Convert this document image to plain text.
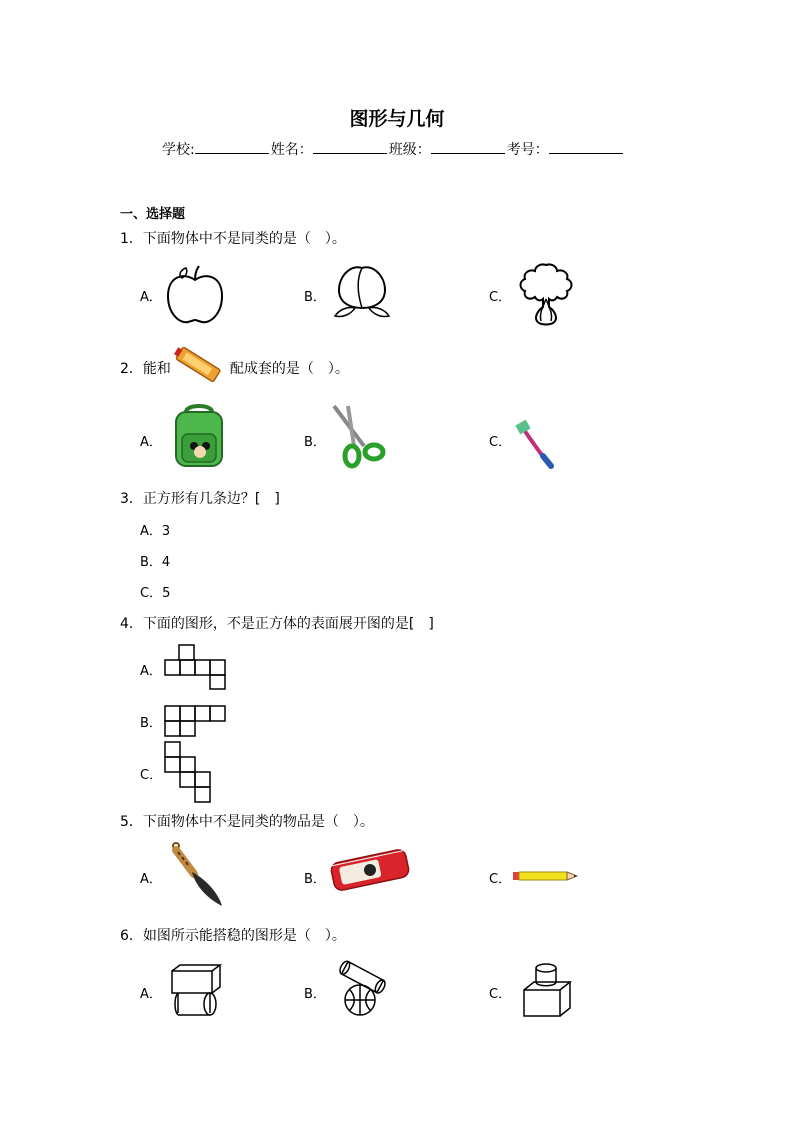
图形与几何
学校:	姓名：	班级：	考号：
一、选择题
1．下面物体中不是同类的是（　）。
A．	B．	C．
2．能和	配成套的是（　）。
A．	B．	C．
3．正方形有几条边？[　]
A．3
B．4
C．5
4．下面的图形，不是正方体的表面展开图的是[　]
A．
B．
C．
5．下面物体中不是同类的物品是（　）。
A．	B．	C．
6．如图所示能搭稳的图形是（　）。
A．	B．	C．
